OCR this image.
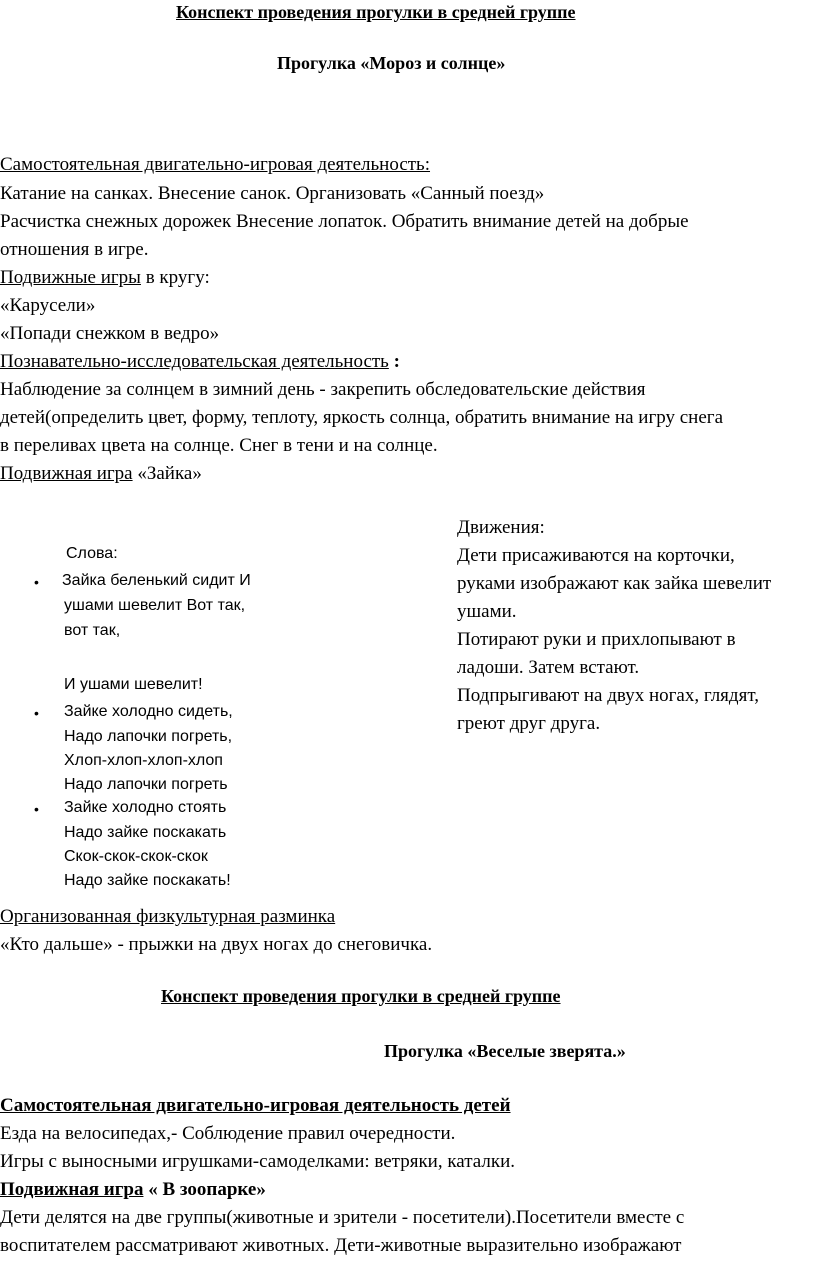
Конспект проведения прогулки в средней группе
Прогулка «Мороз и солнце»
Самостоятельная двигательно-игровая деятельность:
Катание на санках. Внесение санок. Организовать «Санный поезд»
Расчистка снежных дорожек Внесение лопаток. Обратить внимание детей на добрые
отношения в игре.
Подвижные игры в кругу:
«Карусели»
«Попади снежком в ведро»
Познавательно-исследовательская деятельность :
Наблюдение за солнцем в зимний день - закрепить обследовательские действия
детей(определить цвет, форму, теплоту, яркость солнца, обратить внимание на игру снега
в переливах цвета на солнце. Снег в тени и на солнце.
Подвижная игра «Зайка»
Слова:
• Зайка беленький сидит И
ушами шевелит Вот так,
вот так,
И ушами шевелит!
• Зайке холодно сидеть,
Надо лапочки погреть,
Хлоп-хлоп-хлоп-хлоп
Надо лапочки погреть
• Зайке холодно стоять
Надо зайке поскакать
Скок-скок-скок-скок
Надо зайке поскакать!
Движения:
Дети присаживаются на корточки,
руками изображают как зайка шевелит
ушами.
Потирают руки и прихлопывают в
ладоши. Затем встают.
Подпрыгивают на двух ногах, глядят,
греют друг друга.
Организованная физкультурная разминка
«Кто дальше» - прыжки на двух ногах до снеговичка.
Конспект проведения прогулки в средней группе
Прогулка «Веселые зверята.»
Самостоятельная двигательно-игровая деятельность детей
Езда на велосипедах,- Соблюдение правил очередности.
Игры с выносными игрушками-самоделками: ветряки, каталки.
Подвижная игра « В зоопарке»
Дети делятся на две группы(животные и зрители - посетители).Посетители вместе с
воспитателем рассматривают животных. Дети-животные выразительно изображают
